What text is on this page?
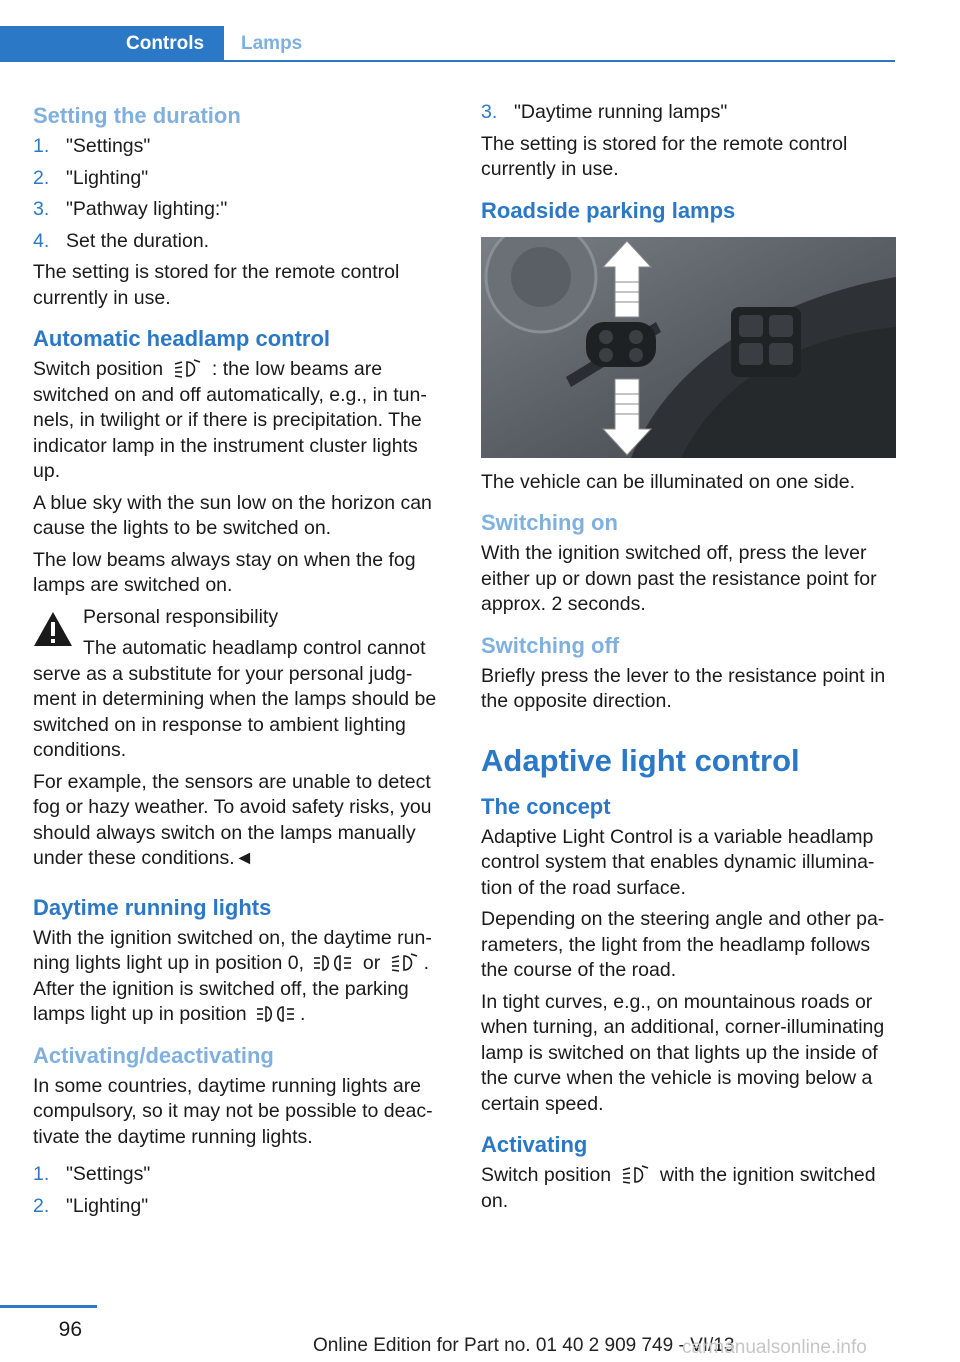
Controls	Lamps
Setting the duration
1. "Settings"
2. "Lighting"
3. "Pathway lighting:"
4. Set the duration.
The setting is stored for the remote control currently in use.
Automatic headlamp control
Switch position	: the low beams are switched on and off automatically, e.g., in tun-nels, in twilight or if there is precipitation. The indicator lamp in the instrument cluster lights up.
A blue sky with the sun low on the horizon can cause the lights to be switched on.
The low beams always stay on when the fog lamps are switched on.
Personal responsibility
The automatic headlamp control cannot serve as a substitute for your personal judg-ment in determining when the lamps should be switched on in response to ambient lighting conditions.
For example, the sensors are unable to detect fog or hazy weather. To avoid safety risks, you should always switch on the lamps manually under these conditions.◄
Daytime running lights
With the ignition switched on, the daytime run-ning lights light up in position 0,	or . After the ignition is switched off, the parking lamps light up in position	.
Activating/deactivating
In some countries, daytime running lights are compulsory, so it may not be possible to deac-tivate the daytime running lights.
1. "Settings"
2. "Lighting"
3. "Daytime running lamps"
The setting is stored for the remote control currently in use.
Roadside parking lamps
The vehicle can be illuminated on one side.
Switching on
With the ignition switched off, press the lever either up or down past the resistance point for approx. 2 seconds.
Switching off
Briefly press the lever to the resistance point in the opposite direction.
Adaptive light control
The concept
Adaptive Light Control is a variable headlamp control system that enables dynamic illumina-tion of the road surface.
Depending on the steering angle and other pa-rameters, the light from the headlamp follows the course of the road.
In tight curves, e.g., on mountainous roads or when turning, an additional, corner-illuminating lamp is switched on that lights up the inside of the curve when the vehicle is moving below a certain speed.
Activating
Switch position	with the ignition switched on.
96
Online Edition for Part no. 01 40 2 909 749 - VI/13
carmanualsonline.info
